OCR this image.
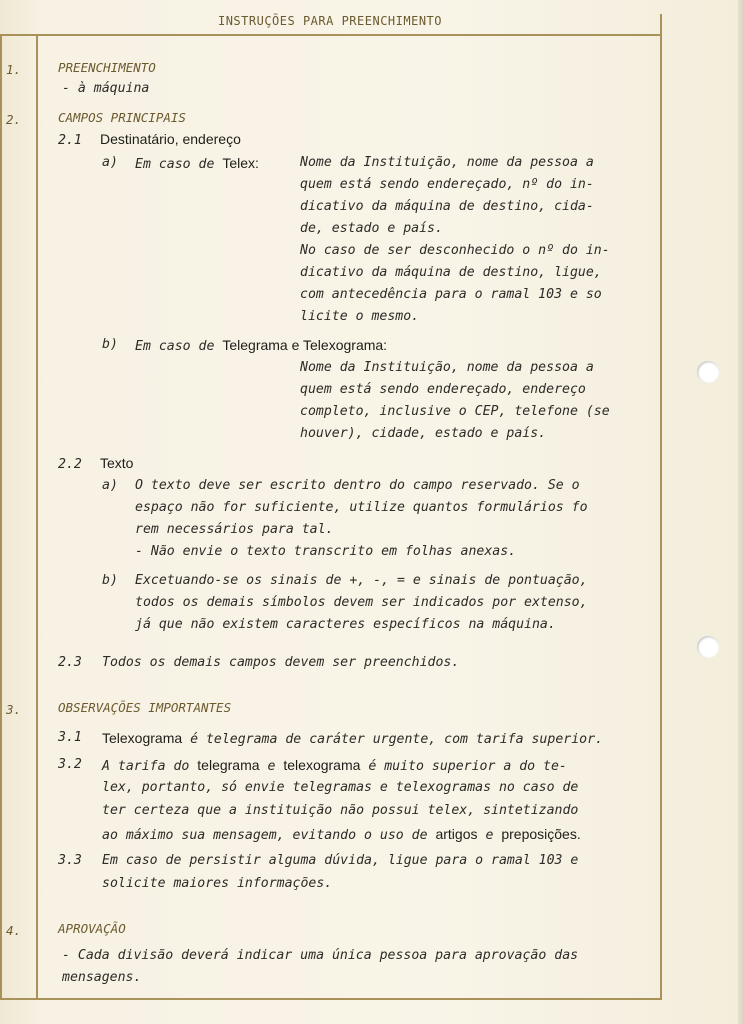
INSTRUÇÕES PARA PREENCHIMENTO
1.	PREENCHIMENTO
- à máquina
2.	CAMPOS PRINCIPAIS
2.1 Destinatário, endereço
a) Em caso de Telex:	Nome da Instituição, nome da pessoa a
quem está sendo endereçado, nº do in-
dicativo da máquina de destino, cida-
de, estado e país.
No caso de ser desconhecido o nº do in-
dicativo da máquina de destino, ligue,
com antecedência para o ramal 103 e so
licite o mesmo.
b) Em caso de Telegrama e Telexograma:
Nome da Instituição, nome da pessoa a
quem está sendo endereçado, endereço
completo, inclusive o CEP, telefone (se
houver), cidade, estado e país.
2.2 Texto
a) O texto deve ser escrito dentro do campo reservado. Se o
espaço não for suficiente, utilize quantos formulários fo
rem necessários para tal.
- Não envie o texto transcrito em folhas anexas.
b) Excetuando-se os sinais de +, -, = e sinais de pontuação,
todos os demais símbolos devem ser indicados por extenso,
já que não existem caracteres específicos na máquina.
2.3 Todos os demais campos devem ser preenchidos.
3.	OBSERVAÇÕES IMPORTANTES
3.1 Telexograma é telegrama de caráter urgente, com tarifa superior.
3.2 A tarifa do telegrama e telexograma é muito superior a do te-
lex, portanto, só envie telegramas e telexogramas no caso de
ter certeza que a instituição não possui telex, sintetizando
ao máximo sua mensagem, evitando o uso de artigos e preposições.
3.3 Em caso de persistir alguma dúvida, ligue para o ramal 103 e
solicite maiores informações.
4.	APROVAÇÃO
- Cada divisão deverá indicar uma única pessoa para aprovação das
mensagens.
